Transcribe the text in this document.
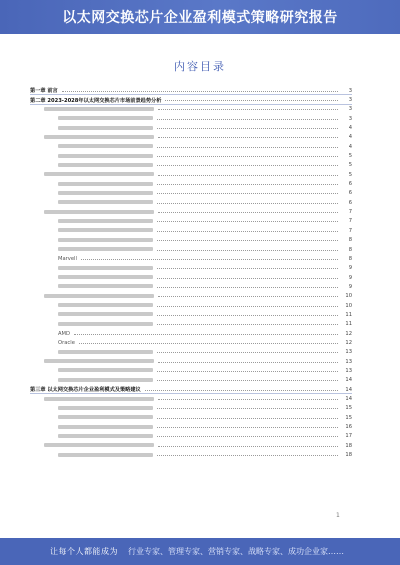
以太网交换芯片企业盈利模式策略研究报告
内容目录
第一章 前言	3
第二章 2023-2028年以太网交换芯片市场前景趋势分析	3
3
3
4
4
4
5
5
5
6
6
6
7
7
7
8
8
Marvell	8
9
9
9
10
10
11
11
AMD	12
Oracle	12
13
13
13
14
第三章 以太网交换芯片企业盈利模式及策略建议	14
14
15
15
16
17
18
18
1
让每个人都能成为 行业专家、管理专家、营销专家、战略专家、成功企业家……
